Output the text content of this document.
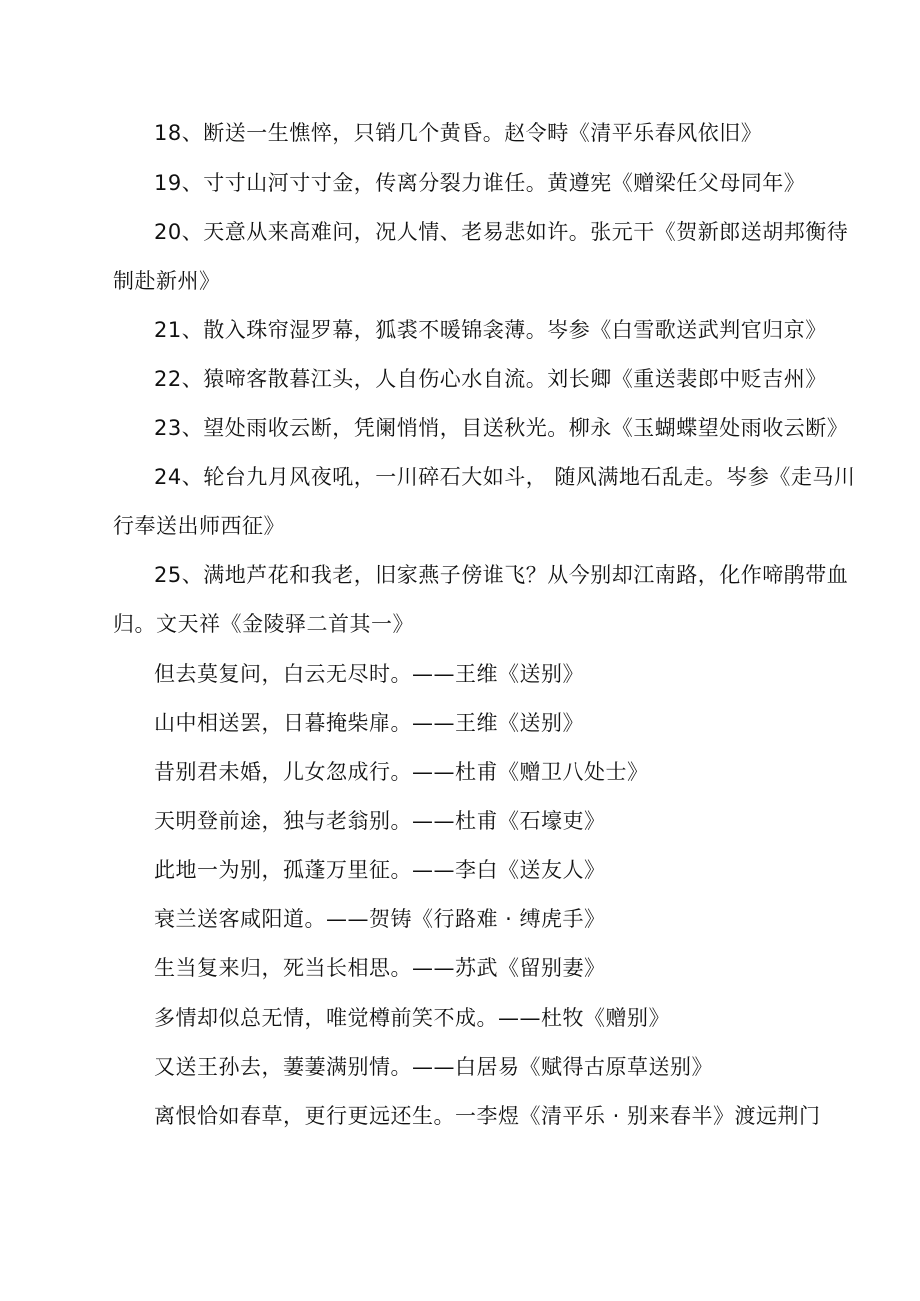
18、断送一生憔悴，只销几个黄昏。赵令畤《清平乐春风依旧》
19、寸寸山河寸寸金，传离分裂力谁任。黄遵宪《赠梁任父母同年》
20、天意从来高难问，况人情、老易悲如许。张元干《贺新郎送胡邦衡待
制赴新州》
21、散入珠帘湿罗幕，狐裘不暖锦衾薄。岑参《白雪歌送武判官归京》
22、猿啼客散暮江头，人自伤心水自流。刘长卿《重送裴郎中贬吉州》
23、望处雨收云断，凭阑悄悄，目送秋光。柳永《玉蝴蝶望处雨收云断》
24、轮台九月风夜吼，一川碎石大如斗， 随风满地石乱走。岑参《走马川
行奉送出师西征》
25、满地芦花和我老，旧家燕子傍谁飞？从今别却江南路，化作啼鹃带血
归。文天祥《金陵驿二首其一》
但去莫复问，白云无尽时。——王维《送别》
山中相送罢，日暮掩柴扉。——王维《送别》
昔别君未婚，儿女忽成行。——杜甫《赠卫八处士》
天明登前途，独与老翁别。——杜甫《石壕吏》
此地一为别，孤蓬万里征。——李白《送友人》
衰兰送客咸阳道。——贺铸《行路难 · 缚虎手》
生当复来归，死当长相思。——苏武《留别妻》
多情却似总无情，唯觉樽前笑不成。——杜牧《赠别》
又送王孙去，萋萋满别情。——白居易《赋得古原草送别》
离恨恰如春草，更行更远还生。一李煜《清平乐 · 别来春半》渡远荆门
